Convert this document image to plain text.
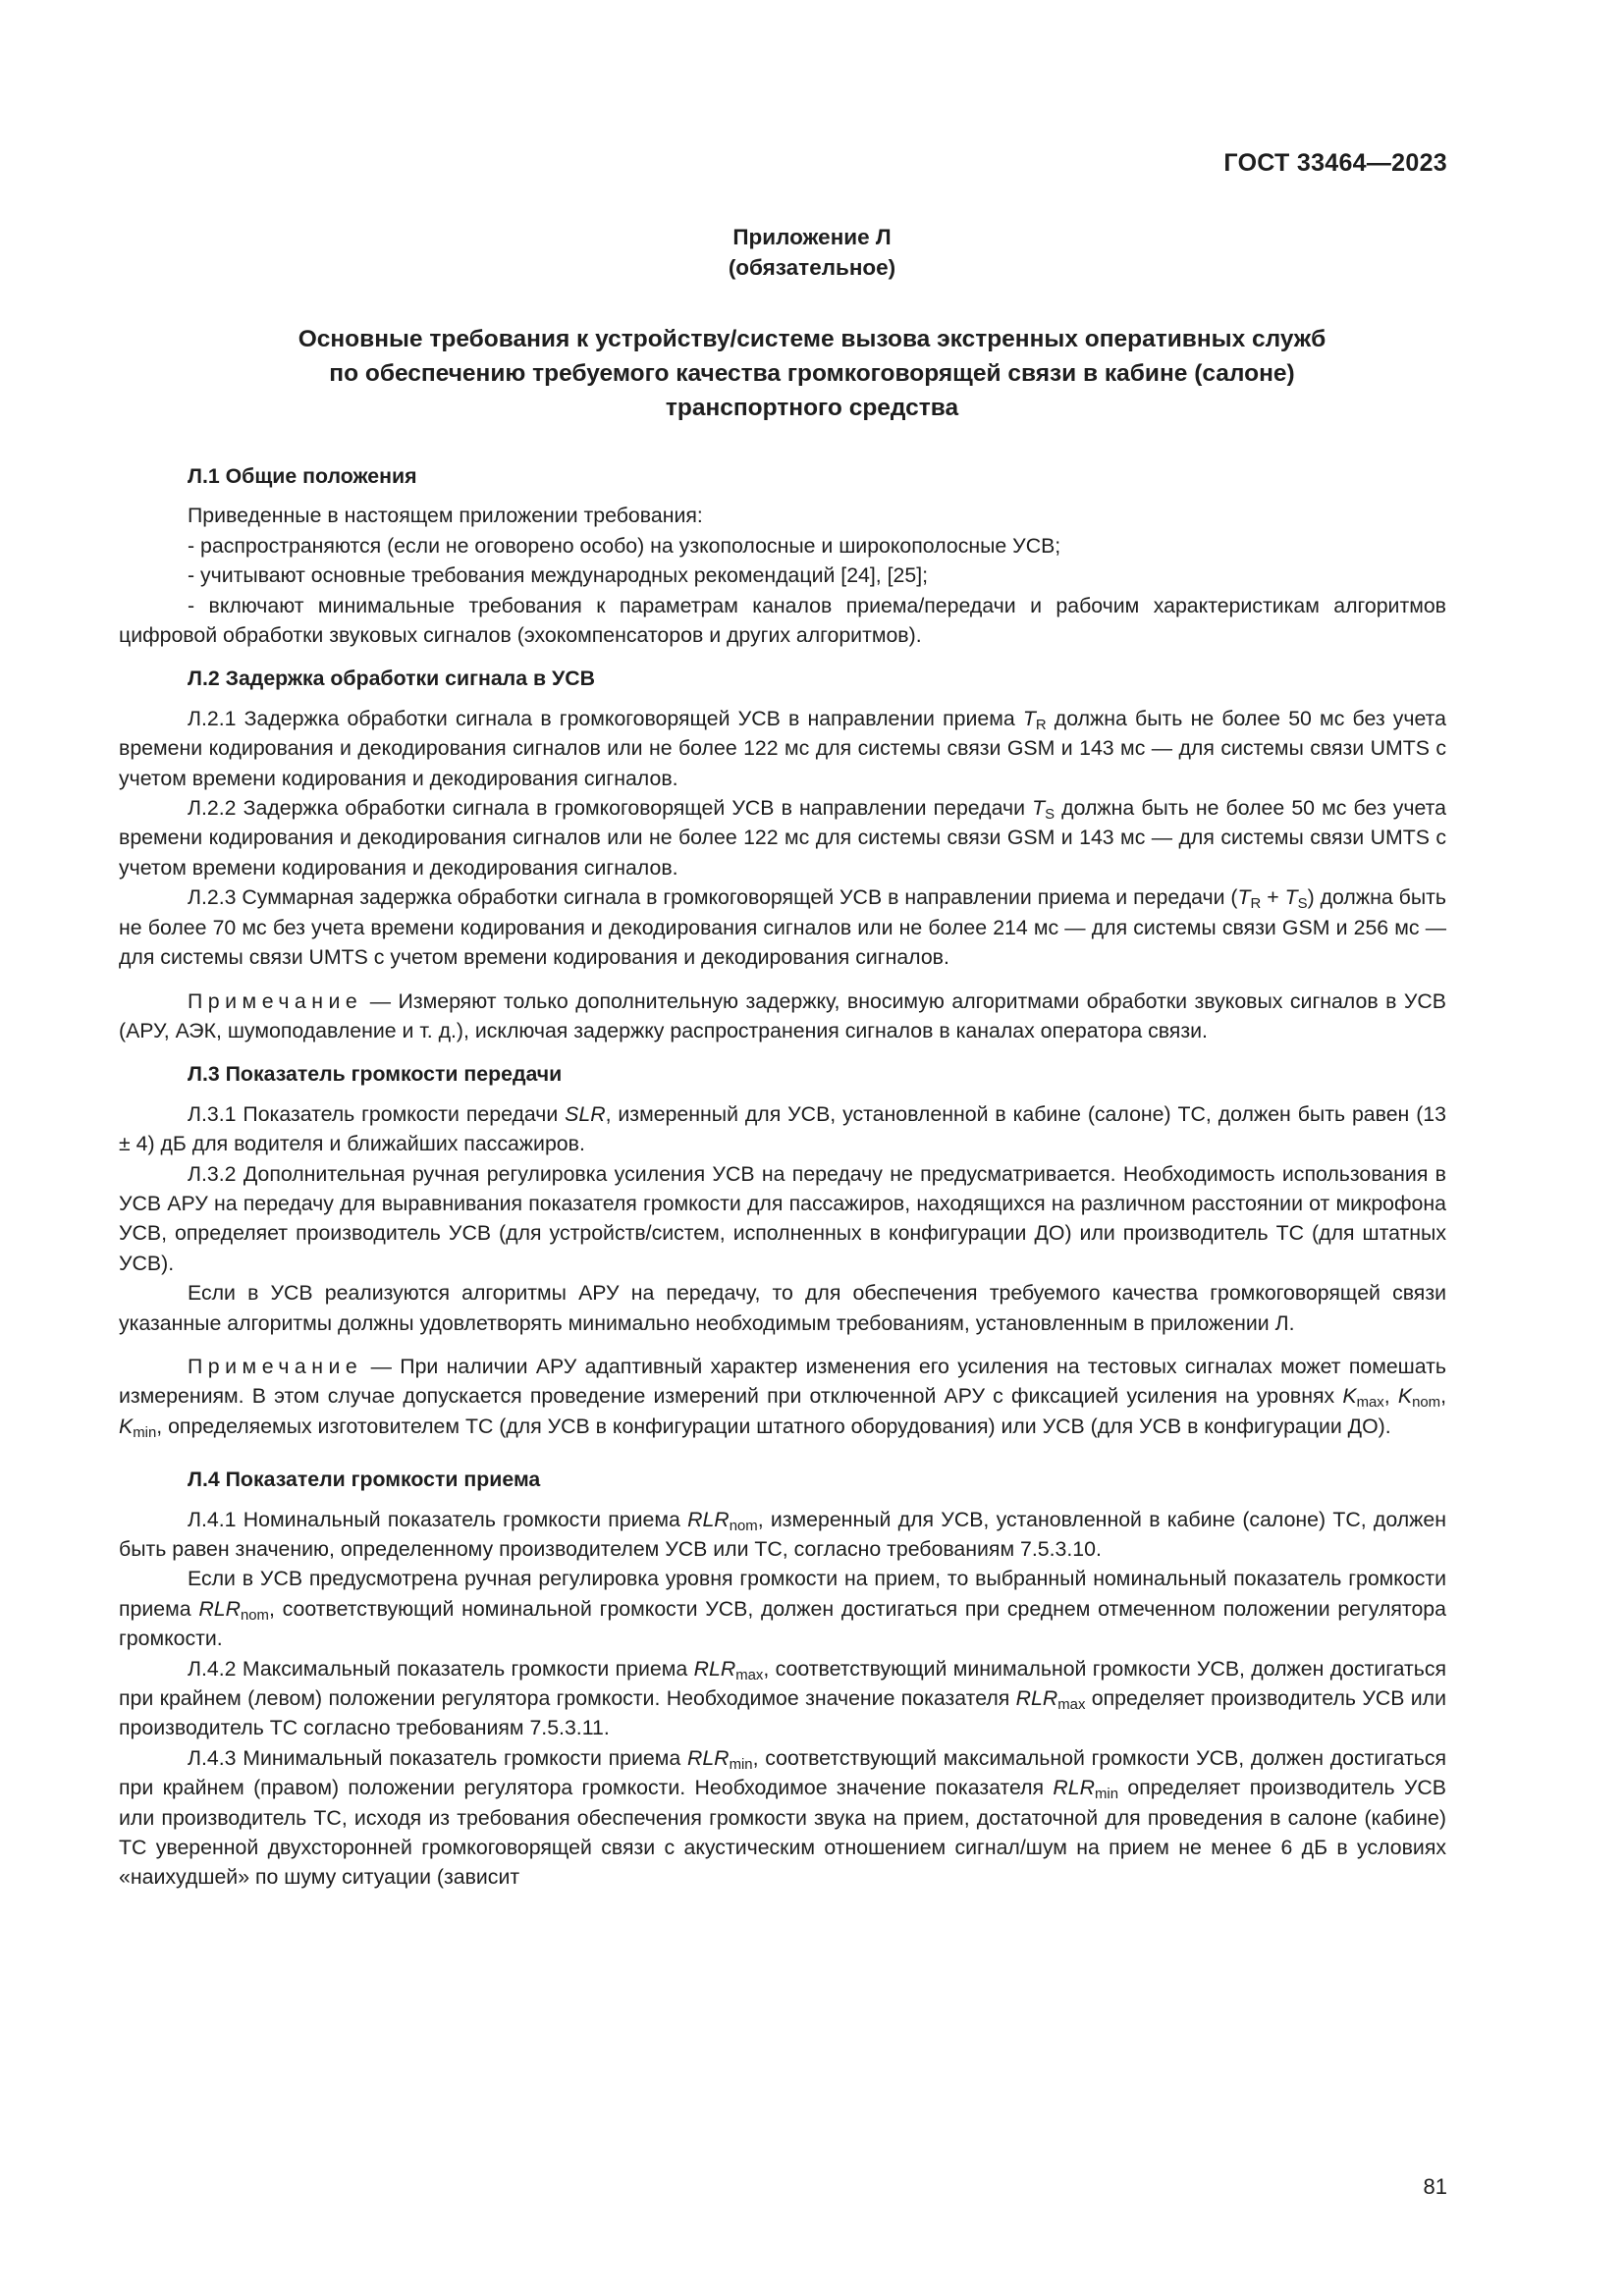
ГОСТ 33464—2023
Приложение Л
(обязательное)
Основные требования к устройству/системе вызова экстренных оперативных служб
по обеспечению требуемого качества громкоговорящей связи в кабине (салоне)
транспортного средства

Л.1 Общие положения

Приведенные в настоящем приложении требования:

- распространяются (если не оговорено особо) на узкополосные и широкополосные УСВ;

- учитывают основные требования международных рекомендаций [24], [25];

- включают минимальные требования к параметрам каналов приема/передачи и рабочим характеристикам алгоритмов цифровой обработки звуковых сигналов (эхокомпенсаторов и других алгоритмов).

Л.2 Задержка обработки сигнала в УСВ

Л.2.1 Задержка обработки сигнала в громкоговорящей УСВ в направлении приема $T_R$ должна быть не более 50 мс без учета времени кодирования и декодирования сигналов или не более 122 мс для системы связи GSM и 143 мс — для системы связи UMTS с учетом времени кодирования и декодирования сигналов.

Л.2.2 Задержка обработки сигнала в громкоговорящей УСВ в направлении передачи $T_S$ должна быть не более 50 мс без учета времени кодирования и декодирования сигналов или не более 122 мс для системы связи GSM и 143 мс — для системы связи UMTS с учетом времени кодирования и декодирования сигналов.

Л.2.3 Суммарная задержка обработки сигнала в громкоговорящей УСВ в направлении приема и передачи $(T_R + T_S)$ должна быть не более 70 мс без учета времени кодирования и декодирования сигналов или не более 214 мс — для системы связи GSM и 256 мс — для системы связи UMTS с учетом времени кодирования и декодирования сигналов.

Примечание — Измеряют только дополнительную задержку, вносимую алгоритмами обработки звуковых сигналов в УСВ (АРУ, АЭК, шумоподавление и т. д.), исключая задержку распространения сигналов в каналах оператора связи.

Л.3 Показатель громкости передачи

Л.3.1 Показатель громкости передачи SLR, измеренный для УСВ, установленной в кабине (салоне) ТС, должен быть равен (13 ± 4) дБ для водителя и ближайших пассажиров.

Л.3.2 Дополнительная ручная регулировка усиления УСВ на передачу не предусматривается. Необходимость использования в УСВ АРУ на передачу для выравнивания показателя громкости для пассажиров, находящихся на различном расстоянии от микрофона УСВ, определяет производитель УСВ (для устройств/систем, исполненных в конфигурации ДО) или производитель ТС (для штатных УСВ).

Если в УСВ реализуются алгоритмы АРУ на передачу, то для обеспечения требуемого качества громкоговорящей связи указанные алгоритмы должны удовлетворять минимально необходимым требованиям, установленным в приложении Л.

Примечание — При наличии АРУ адаптивный характер изменения его усиления на тестовых сигналах может помешать измерениям. В этом случае допускается проведение измерений при отключенной АРУ с фиксацией усиления на уровнях $K_{max}$, $K_{nom}$, $K_{min}$, определяемых изготовителем ТС (для УСВ в конфигурации штатного оборудования) или УСВ (для УСВ в конфигурации ДО).

Л.4 Показатели громкости приема

Л.4.1 Номинальный показатель громкости приема $RLR_{nom}$, измеренный для УСВ, установленной в кабине (салоне) ТС, должен быть равен значению, определенному производителем УСВ или ТС, согласно требованиям 7.5.3.10.

Если в УСВ предусмотрена ручная регулировка уровня громкости на прием, то выбранный номинальный показатель громкости приема $RLR_{nom}$, соответствующий номинальной громкости УСВ, должен достигаться при среднем отмеченном положении регулятора громкости.

Л.4.2 Максимальный показатель громкости приема $RLR_{max}$, соответствующий минимальной громкости УСВ, должен достигаться при крайнем (левом) положении регулятора громкости. Необходимое значение показателя $RLR_{max}$ определяет производитель УСВ или производитель ТС согласно требованиям 7.5.3.11.

Л.4.3 Минимальный показатель громкости приема $RLR_{min}$, соответствующий максимальной громкости УСВ, должен достигаться при крайнем (правом) положении регулятора громкости. Необходимое значение показателя $RLR_{min}$ определяет производитель УСВ или производитель ТС, исходя из требования обеспечения громкости звука на прием, достаточной для проведения в салоне (кабине) ТС уверенной двухсторонней громкоговорящей связи с акустическим отношением сигнал/шум на прием не менее 6 дБ в условиях «наихудшей» по шуму ситуации (зависит

81
